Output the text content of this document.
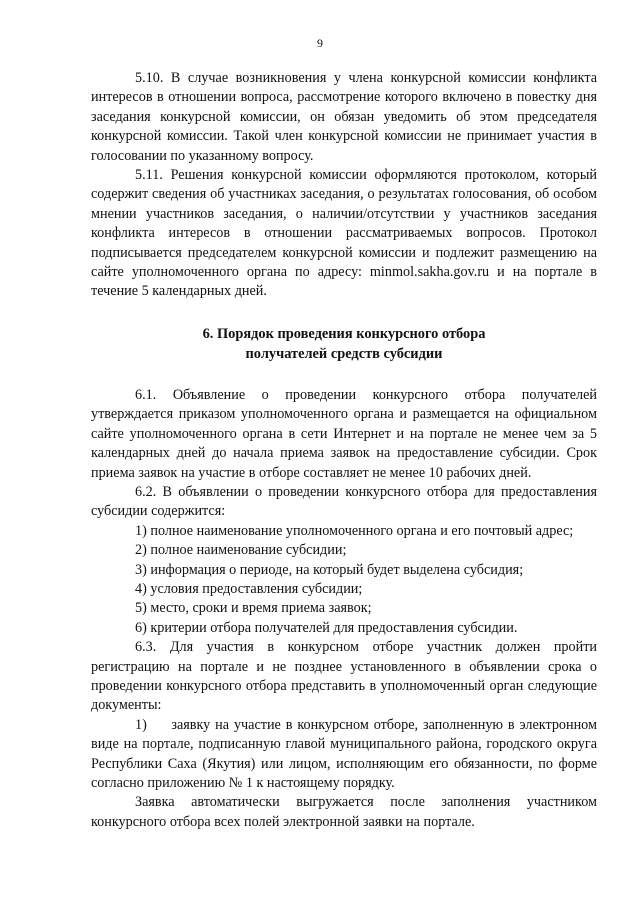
9

5.10. В случае возникновения у члена конкурсной комиссии конфликта интересов в отношении вопроса, рассмотрение которого включено в повестку дня заседания конкурсной комиссии, он обязан уведомить об этом председателя конкурсной комиссии. Такой член конкурсной комиссии не принимает участия в голосовании по указанному вопросу.

5.11. Решения конкурсной комиссии оформляются протоколом, который содержит сведения об участниках заседания, о результатах голосования, об особом мнении участников заседания, о наличии/отсутствии у участников заседания конфликта интересов в отношении рассматриваемых вопросов. Протокол подписывается председателем конкурсной комиссии и подлежит размещению на сайте уполномоченного органа по адресу: minmol.sakha.gov.ru и на портале в течение 5 календарных дней.

6. Порядок проведения конкурсного отбора
получателей средств субсидии

6.1. Объявление о проведении конкурсного отбора получателей утверждается приказом уполномоченного органа и размещается на официальном сайте уполномоченного органа в сети Интернет и на портале не менее чем за 5 календарных дней до начала приема заявок на предоставление субсидии. Срок приема заявок на участие в отборе составляет не менее 10 рабочих дней.

6.2. В объявлении о проведении конкурсного отбора для предоставления субсидии содержится:

1) полное наименование уполномоченного органа и его почтовый адрес;
2) полное наименование субсидии;
3) информация о периоде, на который будет выделена субсидия;
4) условия предоставления субсидии;
5) место, сроки и время приема заявок;
6) критерии отбора получателей для предоставления субсидии.

6.3. Для участия в конкурсном отборе участник должен пройти регистрацию на портале и не позднее установленного в объявлении срока о проведении конкурсного отбора представить в уполномоченный орган следующие документы:

1)     заявку на участие в конкурсном отборе, заполненную в электронном виде на портале, подписанную главой муниципального района, городского округа Республики Саха (Якутия) или лицом, исполняющим его обязанности, по форме согласно приложению № 1 к настоящему порядку.

Заявка автоматически выгружается после заполнения участником конкурсного отбора всех полей электронной заявки на портале.
